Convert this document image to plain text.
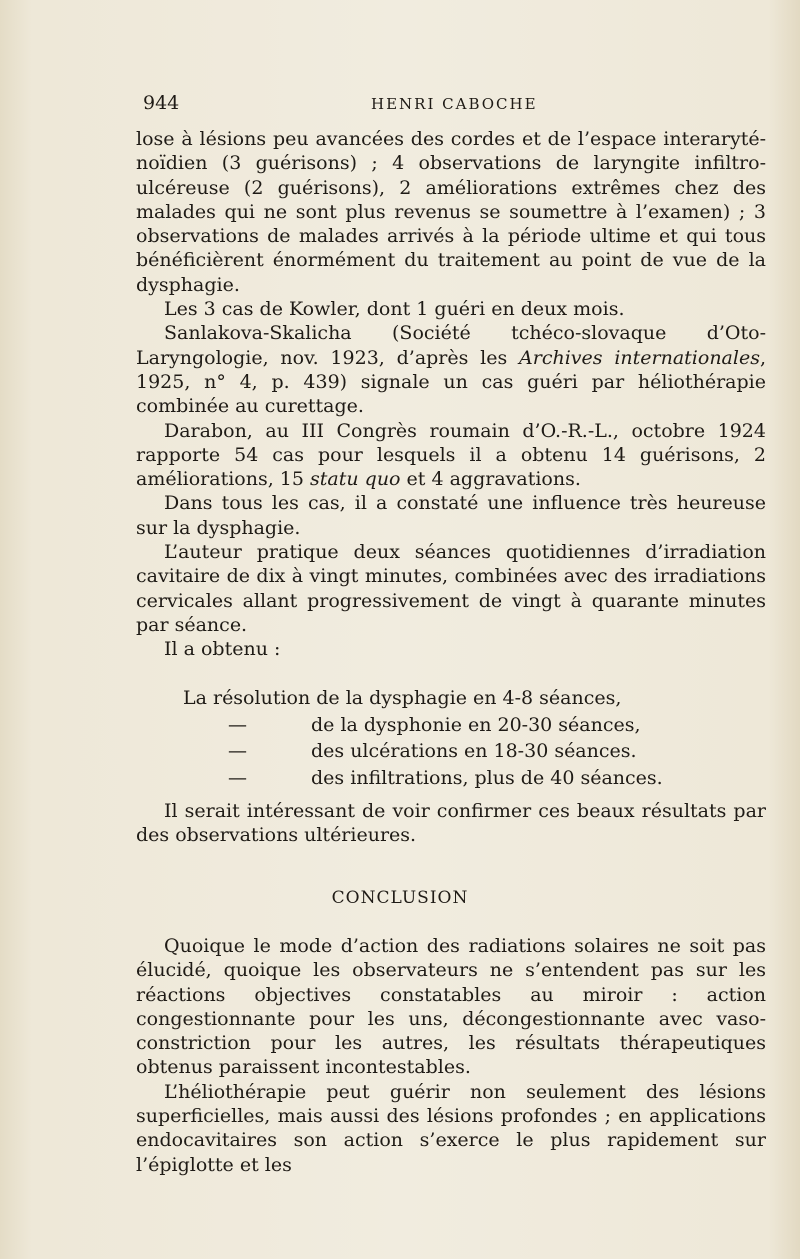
944	HENRI CABOCHE

lose à lésions peu avancées des cordes et de l’espace interaryté-noïdien (3 guérisons) ; 4 observations de laryngite infiltro-ulcéreuse (2 guérisons), 2 améliorations extrêmes chez des malades qui ne sont plus revenus se soumettre à l’examen) ; 3 observations de malades arrivés à la période ultime et qui tous bénéficièrent énormément du traitement au point de vue de la dysphagie.

Les 3 cas de Kowler, dont 1 guéri en deux mois.

Sanlakova-Skalicha (Société tchéco-slovaque d’Oto-Laryngologie, nov. 1923, d’après les Archives internationales, 1925, n° 4, p. 439) signale un cas guéri par héliothérapie combinée au curettage.

Darabon, au III Congrès roumain d’O.-R.-L., octobre 1924 rapporte 54 cas pour lesquels il a obtenu 14 guérisons, 2 améliorations, 15 statu quo et 4 aggravations.

Dans tous les cas, il a constaté une influence très heureuse sur la dysphagie.

L’auteur pratique deux séances quotidiennes d’irradiation cavitaire de dix à vingt minutes, combinées avec des irradiations cervicales allant progressivement de vingt à quarante minutes par séance.

Il a obtenu :

La résolution de la dysphagie en 4-8 séances,
—	de la dysphonie en 20-30 séances,
—	des ulcérations en 18-30 séances.
—	des infiltrations, plus de 40 séances.

Il serait intéressant de voir confirmer ces beaux résultats par des observations ultérieures.

CONCLUSION

Quoique le mode d’action des radiations solaires ne soit pas élucidé, quoique les observateurs ne s’entendent pas sur les réactions objectives constatables au miroir : action congestionnante pour les uns, décongestionnante avec vaso-constriction pour les autres, les résultats thérapeutiques obtenus paraissent incontestables.

L’héliothérapie peut guérir non seulement des lésions superficielles, mais aussi des lésions profondes ; en applications endocavitaires son action s’exerce le plus rapidement sur l’épiglotte et les
